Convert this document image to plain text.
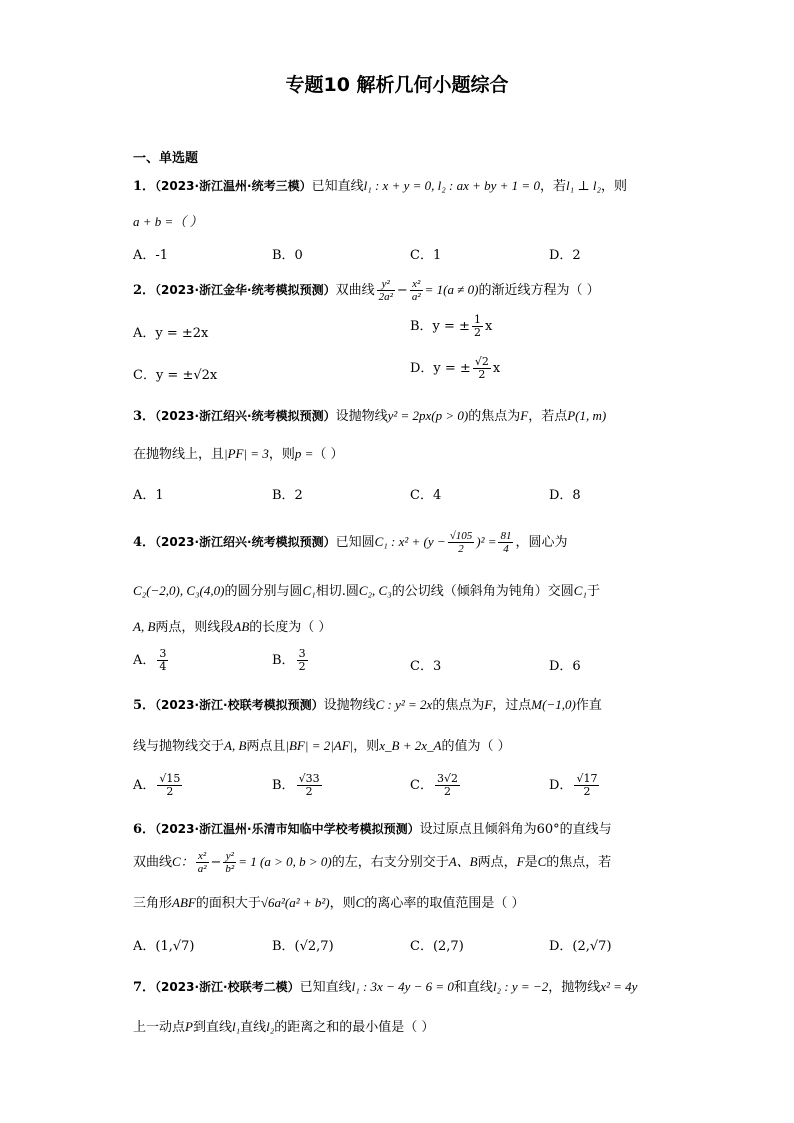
专题10 解析几何小题综合
一、单选题
1．（2023·浙江温州·统考三模）已知直线l₁ : x + y = 0, l₂ : ax + by + 1 = 0，若l₁ ⊥ l₂，则
a + b =（ ）
A．-1	B．0	C．1	D．2
2．（2023·浙江金华·统考模拟预测）双曲线 $\frac{\text{y²}}{\text{2a²}} - \frac{\text{x²}}{\text{a²}} = 1(a \ne 0)$的渐近线方程为（ ）
A．y = ±2x	B．y = ± $\frac{1}{2}$ x
C．y = ±√2x	D．y = ± $\frac{√2}{2}$ x
3．（2023·浙江绍兴·统考模拟预测）设抛物线y² = 2px(p > 0)的焦点为F，若点P(1, m)
在抛物线上，且|PF| = 3，则p =（ ）
A．1	B．2	C．4	D．8
4．（2023·浙江绍兴·统考模拟预测）已知圆C₁ : $x^2 + (y - \frac{√105}{2} )^2 = \frac{81}{4}$ ，圆心为
C₂(−2,0), C₃(4,0)的圆分别与圆C₁相切.圆C₂, C₃的公切线（倾斜角为钝角）交圆C₁于
A, B两点，则线段AB的长度为（ ）
A． $\frac{3}{4}$	B． $\frac{3}{2}$	C．3	D．6
5．（2023·浙江·校联考模拟预测）设抛物线C : y² = 2x的焦点为F，过点M(−1,0)作直
线与抛物线交于A, B两点且|BF| = 2|AF|，则x_B + 2x_A的值为（ ）
A． $\frac{√15}{2}$	B． $\frac{√33}{2}$	C． $\frac{3√2}{2}$	D． $\frac{√17}{2}$
6．（2023·浙江温州·乐清市知临中学校考模拟预测）设过原点且倾斜角为60°的直线与
双曲线C： $\frac{\text{x²}}{\text{a²}} - \frac{\text{y²}}{\text{b²}} = 1$ (a > 0, b > 0)的左，右支分别交于A、B两点，F是C的焦点，若
三角形ABF的面积大于√6a²(a² + b²)，则C的离心率的取值范围是（ ）
A．(1,√7)	B．(√2,7)	C．(2,7)	D．(2,√7)
7．（2023·浙江·校联考二模）已知直线l₁ : 3x − 4y − 6 = 0和直线l₂ : y = −2，抛物线x² = 4y
上一动点P到直线l₁直线l₂的距离之和的最小值是（ ）
